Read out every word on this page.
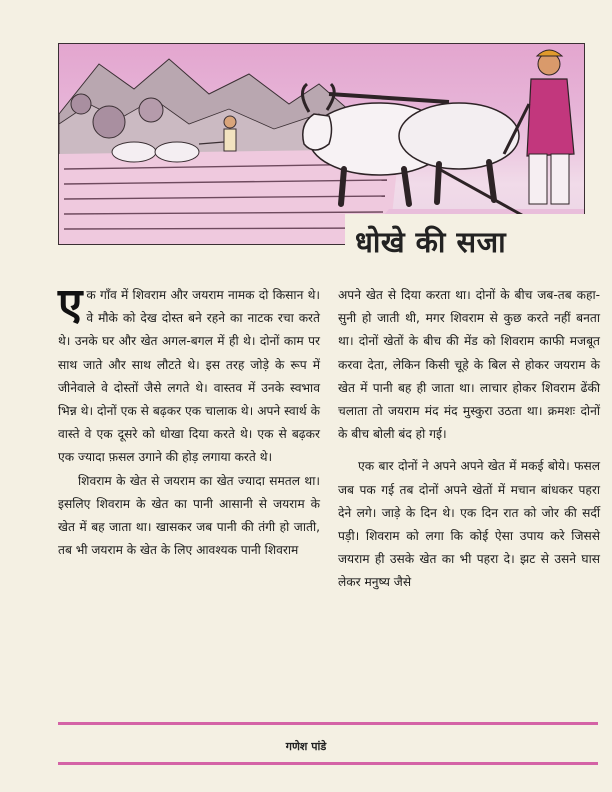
धोखे की सजा

एक गाँव में शिवराम और जयराम नामक दो किसान थे। वे मौके को देख दोस्त बने रहने का नाटक रचा करते थे। उनके घर और खेत अगल-बगल में ही थे। दोनों काम पर साथ जाते और साथ लौटते थे। इस तरह जोड़े के रूप में जीनेवाले वे दोस्तों जैसे लगते थे। वास्तव में उनके स्वभाव भिन्न थे। दोनों एक से बढ़कर एक चालाक थे। अपने स्वार्थ के वास्ते वे एक दूसरे को धोखा दिया करते थे। एक से बढ़कर एक ज्यादा फ़सल उगाने की होड़ लगाया करते थे।

शिवराम के खेत से जयराम का खेत ज्यादा समतल था। इसलिए शिवराम के खेत का पानी आसानी से जयराम के खेत में बह जाता था। खासकर जब पानी की तंगी हो जाती, तब भी जयराम के खेत के लिए आवश्यक पानी शिवराम

अपने खेत से दिया करता था। दोनों के बीच जब-तब कहा-सुनी हो जाती थी, मगर शिवराम से कुछ करते नहीं बनता था। दोनों खेतों के बीच की मेंड को शिवराम काफी मजबूत करवा देता, लेकिन किसी चूहे के बिल से होकर जयराम के खेत में पानी बह ही जाता था। लाचार होकर शिवराम ढेंकी चलाता तो जयराम मंद मंद मुस्कुरा उठता था। क्रमशः दोनों के बीच बोली बंद हो गई।

एक बार दोनों ने अपने अपने खेत में मकई बोये। फसल जब पक गई तब दोनों अपने खेतों में मचान बांधकर पहरा देने लगे। जाड़े के दिन थे। एक दिन रात को जोर की सर्दी पड़ी। शिवराम को लगा कि कोई ऐसा उपाय करे जिससे जयराम ही उसके खेत का भी पहरा दे। झट से उसने घास लेकर मनुष्य जैसे

गणेश पांडे
